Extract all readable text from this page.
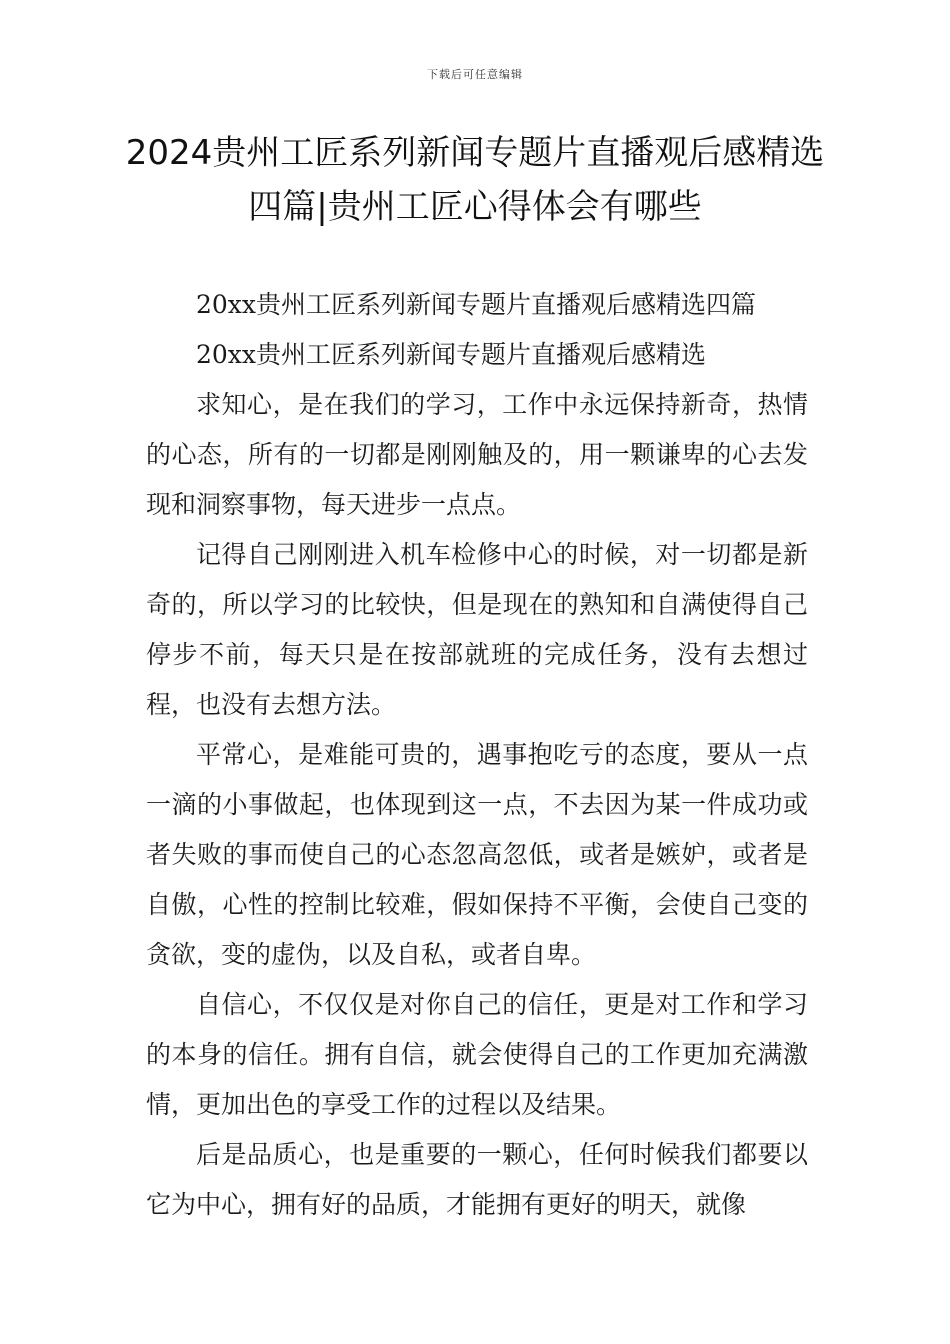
下载后可任意编辑
2024贵州工匠系列新闻专题片直播观后感精选四篇|贵州工匠心得体会有哪些

20xx贵州工匠系列新闻专题片直播观后感精选四篇

20xx贵州工匠系列新闻专题片直播观后感精选

求知心，是在我们的学习，工作中永远保持新奇，热情的心态，所有的一切都是刚刚触及的，用一颗谦卑的心去发现和洞察事物，每天进步一点点。

记得自己刚刚进入机车检修中心的时候，对一切都是新奇的，所以学习的比较快，但是现在的熟知和自满使得自己停步不前，每天只是在按部就班的完成任务，没有去想过程，也没有去想方法。

平常心，是难能可贵的，遇事抱吃亏的态度，要从一点一滴的小事做起，也体现到这一点，不去因为某一件成功或者失败的事而使自己的心态忽高忽低，或者是嫉妒，或者是自傲，心性的控制比较难，假如保持不平衡，会使自己变的贪欲，变的虚伪，以及自私，或者自卑。

自信心，不仅仅是对你自己的信任，更是对工作和学习的本身的信任。拥有自信，就会使得自己的工作更加充满激情，更加出色的享受工作的过程以及结果。

后是品质心，也是重要的一颗心，任何时候我们都要以它为中心，拥有好的品质，才能拥有更好的明天，就像
